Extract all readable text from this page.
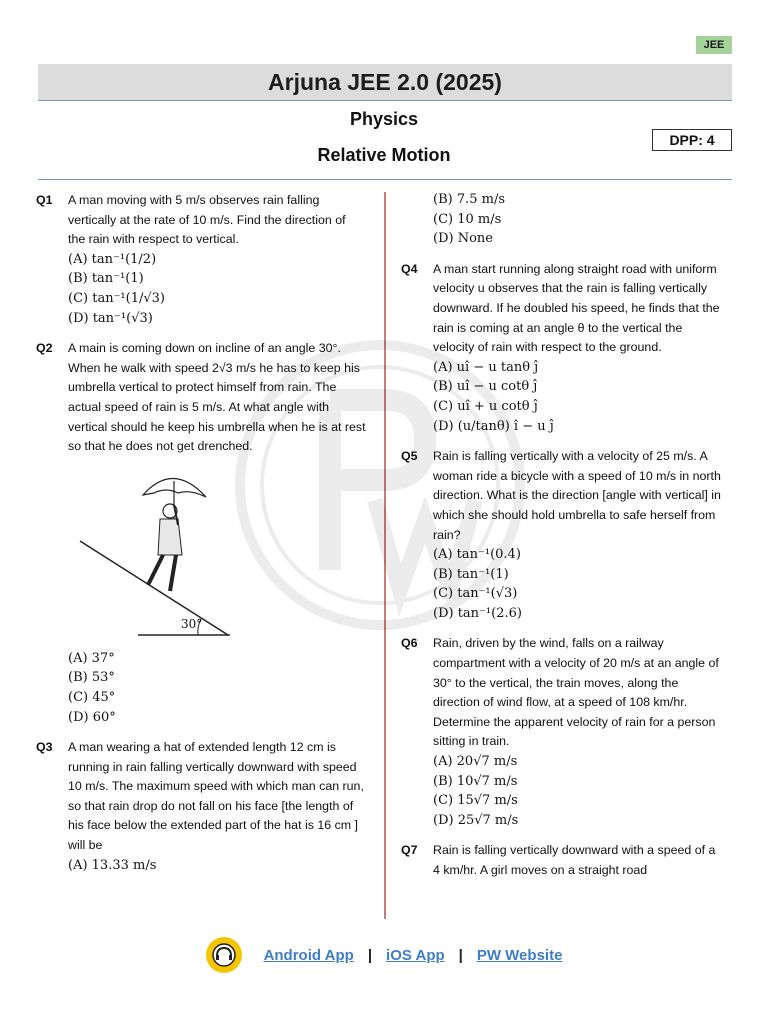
JEE
Arjuna JEE 2.0 (2025)
Physics
Relative Motion
DPP: 4
Q1 A man moving with 5 m/s observes rain falling vertically at the rate of 10 m/s. Find the direction of the rain with respect to vertical.
(A) tan⁻¹(1/2)
(B) tan⁻¹(1)
(C) tan⁻¹(1/√3)
(D) tan⁻¹(√3)
Q2 A main is coming down on incline of an angle 30°. When he walk with speed 2√3 m/s he has to keep his umbrella vertical to protect himself from rain. The actual speed of rain is 5 m/s. At what angle with vertical should he keep his umbrella when he is at rest so that he does not get drenched.
30°
(A) 37°
(B) 53°
(C) 45°
(D) 60°
Q3 A man wearing a hat of extended length 12 cm is running in rain falling vertically downward with speed 10 m/s. The maximum speed with which man can run, so that rain drop do not fall on his face [the length of his face below the extended part of the hat is 16 cm ] will be
(A) 13.33 m/s
(B) 7.5 m/s
(C) 10 m/s
(D) None
Q4 A man start running along straight road with uniform velocity u observes that the rain is falling vertically downward. If he doubled his speed, he finds that the rain is coming at an angle θ to the vertical the velocity of rain with respect to the ground.
(A) uî − u tanθ ĵ
(B) uî − u cotθ ĵ
(C) uî + u cotθ ĵ
(D) (u/tanθ) î − u ĵ
Q5 Rain is falling vertically with a velocity of 25 m/s. A woman ride a bicycle with a speed of 10 m/s in north direction. What is the direction [angle with vertical] in which she should hold umbrella to safe herself from rain?
(A) tan⁻¹(0.4)
(B) tan⁻¹(1)
(C) tan⁻¹(√3)
(D) tan⁻¹(2.6)
Q6 Rain, driven by the wind, falls on a railway compartment with a velocity of 20 m/s at an angle of 30° to the vertical, the train moves, along the direction of wind flow, at a speed of 108 km/hr. Determine the apparent velocity of rain for a person sitting in train.
(A) 20√7 m/s
(B) 10√7 m/s
(C) 15√7 m/s
(D) 25√7 m/s
Q7 Rain is falling vertically downward with a speed of a 4 km/hr. A girl moves on a straight road
Android App | iOS App | PW Website
